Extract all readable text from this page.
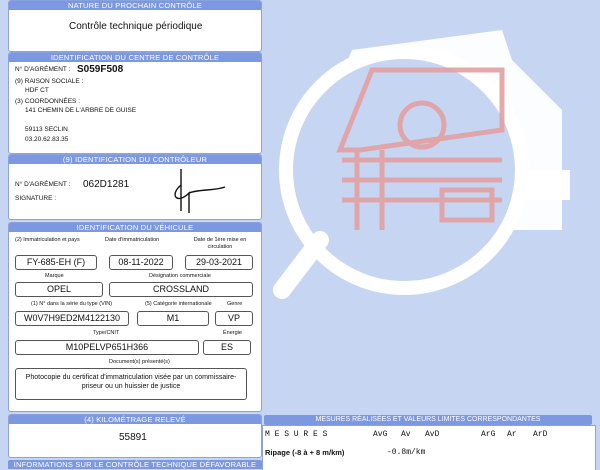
NATURE DU PROCHAIN CONTRÔLE
Contrôle technique périodique
IDENTIFICATION DU CENTRE DE CONTRÔLE
N° D'AGRÉMENT : S059F508
(9) RAISON SOCIALE :
HDF CT
(3) COORDONNÉES :
141 CHEMIN DE L'ARBRE DE GUISE
59113 SECLIN
03.20.62.83.35
(9) IDENTIFICATION DU CONTRÔLEUR
N° D'AGRÉMENT : 062D1281
SIGNATURE :
IDENTIFICATION DU VÉHICULE
(2) Immatriculation et pays	Date d'immatriculation	Date de 1ère mise en circulation
FY-685-EH (F)	08-11-2022	29-03-2021
Marque	Désignation commerciale
OPEL	CROSSLAND
(1) N° dans la série du type (VIN)	(5) Catégorie internationale	Genre
W0V7H9ED2M4122130	M1	VP
Type/CNIT	Énergie
M10PELVP651H366	ES
Document(s) présenté(s)
Photocopie du certificat d'immatriculation visée par un commissaire-priseur ou un huissier de justice
(4) KILOMÉTRAGE RELEVÉ
55891
INFORMATIONS SUR LE CONTRÔLE TECHNIQUE DÉFAVORABLE
MESURES RÉALISÉES ET VALEURS LIMITES CORRESPONDANTES
M E S U R E S	AvG Av AvD	ArG Ar ArD
Ripage (-8 à + 8 m/km)	-0.8m/km
